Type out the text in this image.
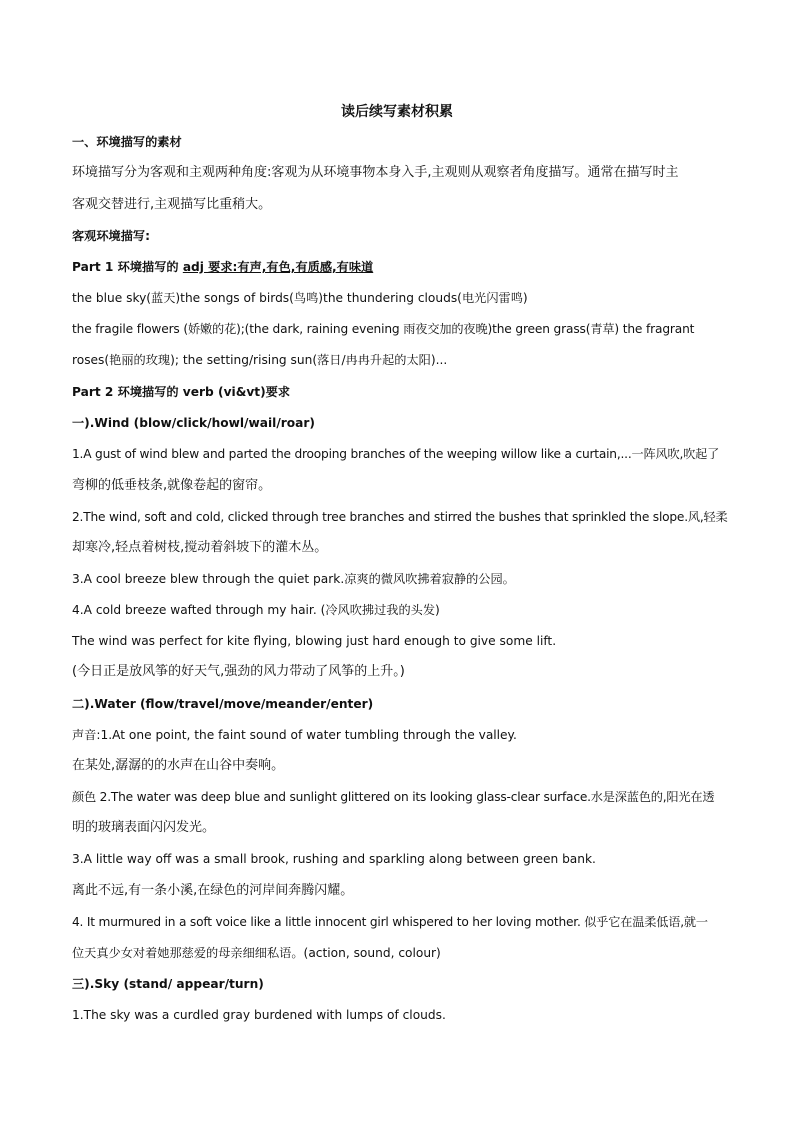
读后续写素材积累
一、环境描写的素材
环境描写分为客观和主观两种角度:客观为从环境事物本身入手,主观则从观察者角度描写。通常在描写时主
客观交替进行,主观描写比重稍大。
客观环境描写:
Part 1 环境描写的 adj 要求:有声,有色,有质感,有味道
the blue sky(蓝天)the songs of birds(鸟鸣)the thundering clouds(电光闪雷鸣)
the fragile flowers (娇嫩的花);(the dark, raining evening 雨夜交加的夜晚)the green grass(青草) the fragrant
roses(艳丽的玫瑰); the setting/rising sun(落日/冉冉升起的太阳)...
Part 2 环境描写的 verb (vi&vt)要求
一).Wind (blow/click/howl/wail/roar)
1.A gust of wind blew and parted the drooping branches of the weeping willow like a curtain,...一阵风吹,吹起了
弯柳的低垂枝条,就像卷起的窗帘。
2.The wind, soft and cold, clicked through tree branches and stirred the bushes that sprinkled the slope.风,轻柔
却寒冷,轻点着树枝,搅动着斜坡下的灌木丛。
3.A cool breeze blew through the quiet park.凉爽的微风吹拂着寂静的公园。
4.A cold breeze wafted through my hair. (冷风吹拂过我的头发)
The wind was perfect for kite flying, blowing just hard enough to give some lift.
(今日正是放风筝的好天气,强劲的风力带动了风筝的上升。)
二).Water (flow/travel/move/meander/enter)
声音:1.At one point, the faint sound of water tumbling through the valley.
在某处,潺潺的的水声在山谷中奏响。
颜色 2.The water was deep blue and sunlight glittered on its looking glass-clear surface.水是深蓝色的,阳光在透
明的玻璃表面闪闪发光。
3.A little way off was a small brook, rushing and sparkling along between green bank.
离此不远,有一条小溪,在绿色的河岸间奔腾闪耀。
4. It murmured in a soft voice like a little innocent girl whispered to her loving mother. 似乎它在温柔低语,就一
位天真少女对着她那慈爱的母亲细细私语。(action, sound, colour)
三).Sky (stand/ appear/turn)
1.The sky was a curdled gray burdened with lumps of clouds.
